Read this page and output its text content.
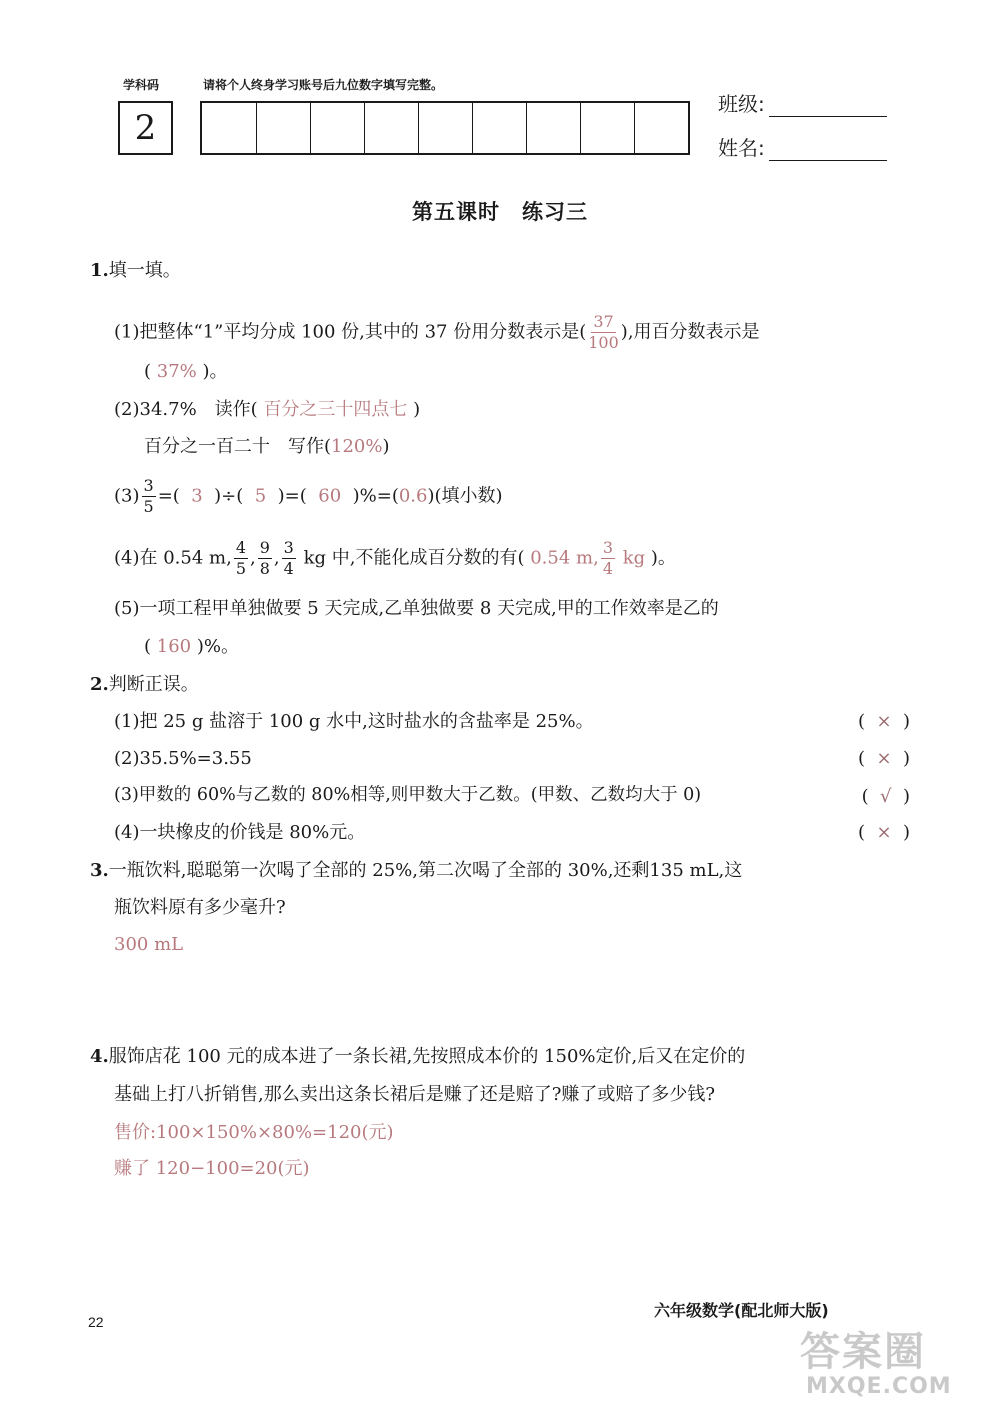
学科码	请将个人终身学习账号后九位数字填写完整。
2
班级:
姓名:
第五课时　练习三
1.填一填。
(1)把整体“1”平均分成 100 份,其中的 37 份用分数表示是( $\frac{37}{100}$ ),用百分数表示是
( 37% )。
(2)34.7%　读作( 百分之三十四点七 )
百分之一百二十　写作(120%)
$(3) \frac{3}{5}$ =( 3 )÷( 5 )=( 60 )%=(0.6)(填小数)
(4)在 0.54 m, $\frac{4}{5}$ , $\frac{9}{8}$ , $\frac{3}{4}$ kg 中,不能化成百分数的有( 0.54 m, $\frac{3}{4}$ kg )。
(5)一项工程甲单独做要 5 天完成,乙单独做要 8 天完成,甲的工作效率是乙的
( 160 )%。
2.判断正误。
(1)把 25 g 盐溶于 100 g 水中,这时盐水的含盐率是 25%。	(  ×  )
(2)35.5%=3.55	(  ×  )
(3)甲数的 60%与乙数的 80%相等,则甲数大于乙数。(甲数、乙数均大于 0)	(  √  )
(4)一块橡皮的价钱是 80%元。	(  ×  )
3.一瓶饮料,聪聪第一次喝了全部的 25%,第二次喝了全部的 30%,还剩135 mL,这
瓶饮料原有多少毫升?
300 mL
4.服饰店花 100 元的成本进了一条长裙,先按照成本价的 150%定价,后又在定价的
基础上打八折销售,那么卖出这条长裙后是赚了还是赔了?赚了或赔了多少钱?
售价:100×150%×80%=120(元)
赚了 120−100=20(元)
22
六年级数学(配北师大版)
答案圈
MXQE.COM
